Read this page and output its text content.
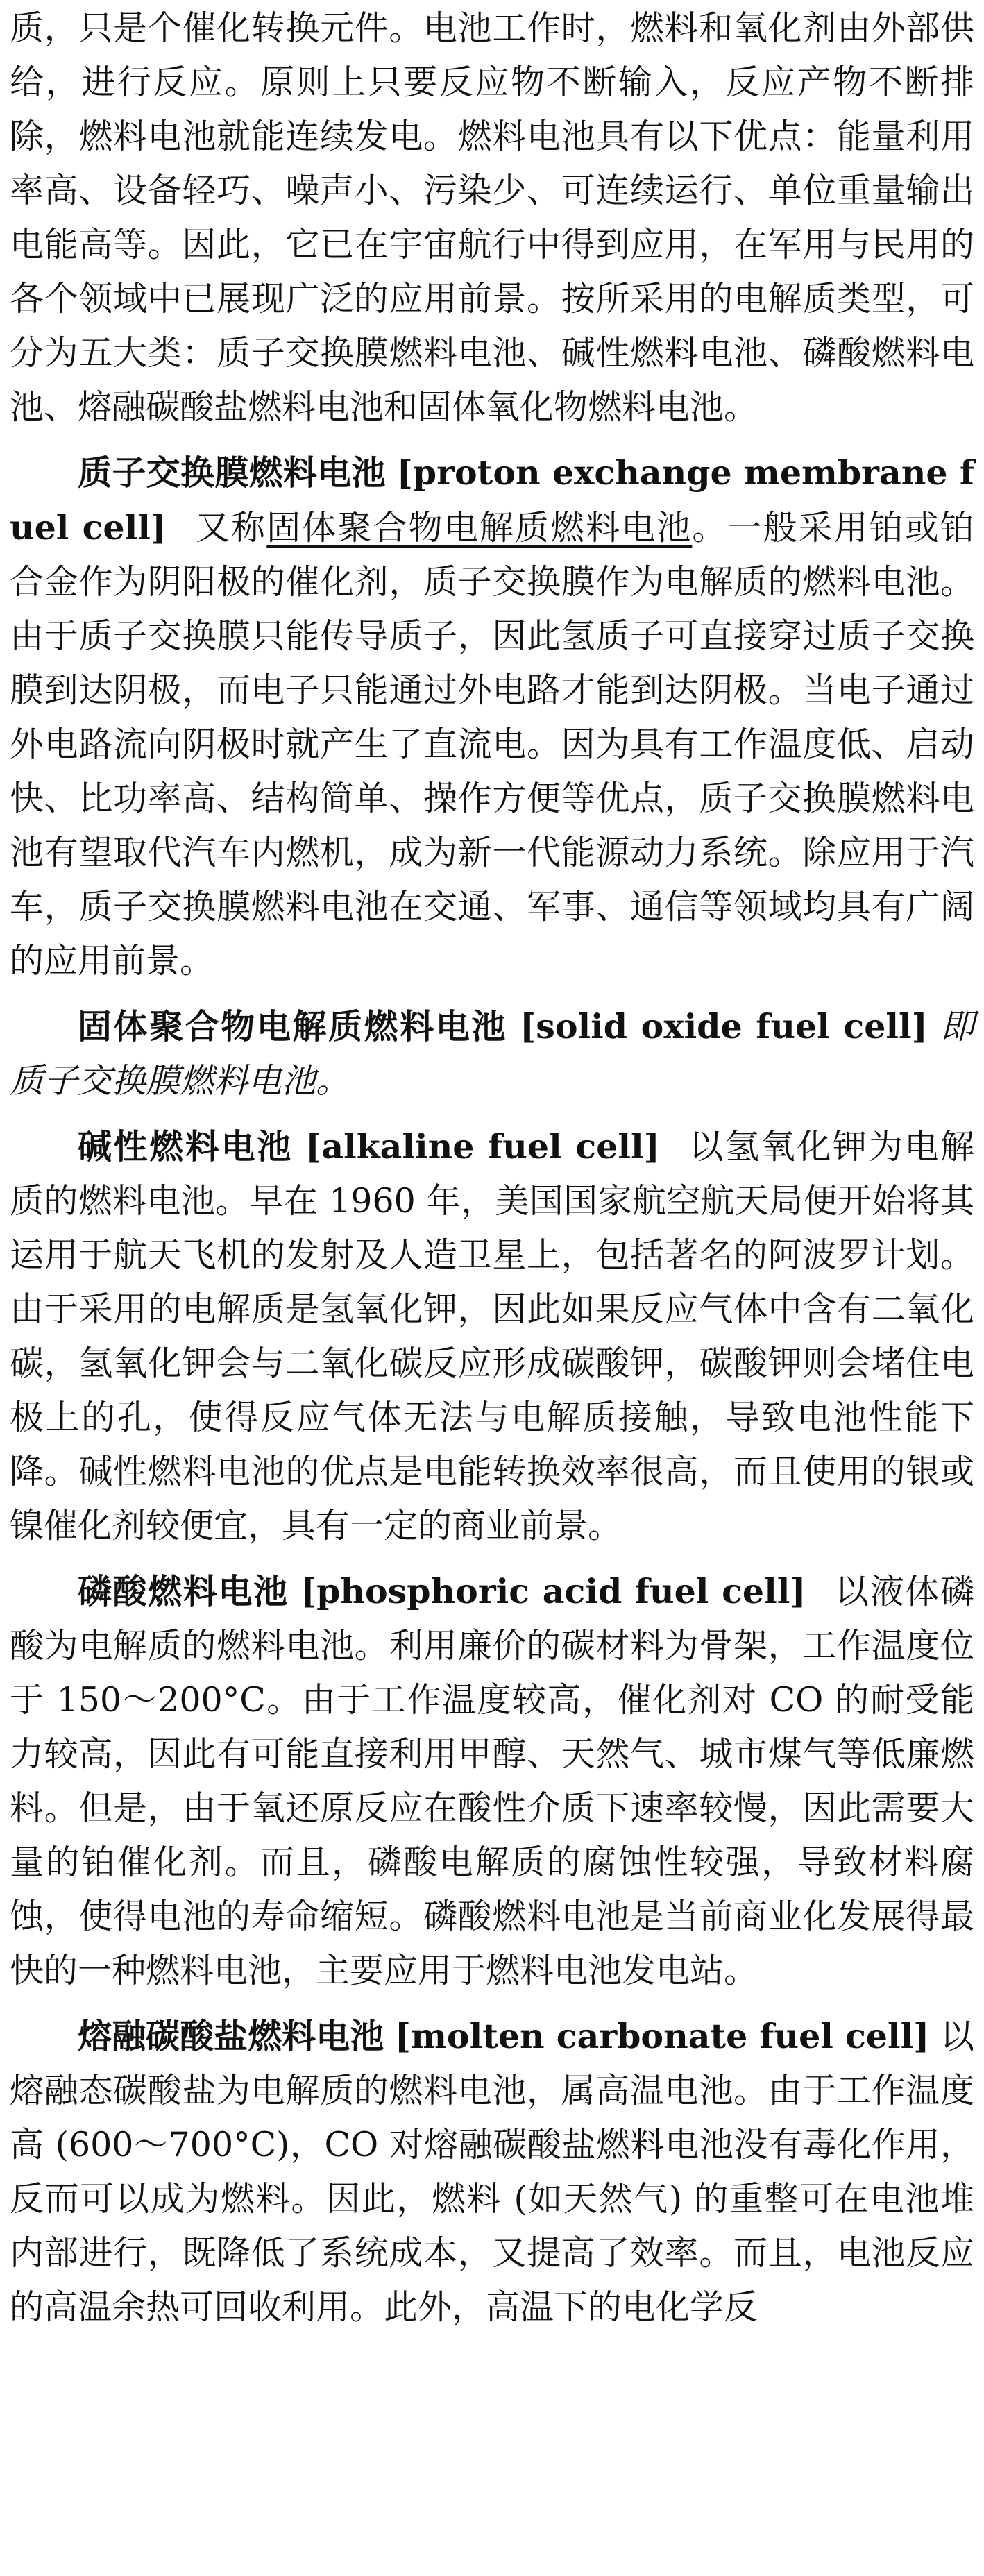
质，只是个催化转换元件。电池工作时，燃料和氧化剂由外部供给，进行反应。原则上只要反应物不断输入，反应产物不断排除，燃料电池就能连续发电。燃料电池具有以下优点：能量利用率高、设备轻巧、噪声小、污染少、可连续运行、单位重量输出电能高等。因此，它已在宇宙航行中得到应用，在军用与民用的各个领域中已展现广泛的应用前景。按所采用的电解质类型，可分为五大类：质子交换膜燃料电池、碱性燃料电池、磷酸燃料电池、熔融碳酸盐燃料电池和固体氧化物燃料电池。

质子交换膜燃料电池 [proton exchange membrane fuel cell] 又称固体聚合物电解质燃料电池。一般采用铂或铂合金作为阴阳极的催化剂，质子交换膜作为电解质的燃料电池。由于质子交换膜只能传导质子，因此氢质子可直接穿过质子交换膜到达阴极，而电子只能通过外电路才能到达阴极。当电子通过外电路流向阴极时就产生了直流电。因为具有工作温度低、启动快、比功率高、结构简单、操作方便等优点，质子交换膜燃料电池有望取代汽车内燃机，成为新一代能源动力系统。除应用于汽车，质子交换膜燃料电池在交通、军事、通信等领域均具有广阔的应用前景。

固体聚合物电解质燃料电池 [solid oxide fuel cell] 即质子交换膜燃料电池。

碱性燃料电池 [alkaline fuel cell] 以氢氧化钾为电解质的燃料电池。早在 1960 年，美国国家航空航天局便开始将其运用于航天飞机的发射及人造卫星上，包括著名的阿波罗计划。由于采用的电解质是氢氧化钾，因此如果反应气体中含有二氧化碳，氢氧化钾会与二氧化碳反应形成碳酸钾，碳酸钾则会堵住电极上的孔，使得反应气体无法与电解质接触，导致电池性能下降。碱性燃料电池的优点是电能转换效率很高，而且使用的银或镍催化剂较便宜，具有一定的商业前景。

磷酸燃料电池 [phosphoric acid fuel cell] 以液体磷酸为电解质的燃料电池。利用廉价的碳材料为骨架，工作温度位于 150～200°C。由于工作温度较高，催化剂对 CO 的耐受能力较高，因此有可能直接利用甲醇、天然气、城市煤气等低廉燃料。但是，由于氧还原反应在酸性介质下速率较慢，因此需要大量的铂催化剂。而且，磷酸电解质的腐蚀性较强，导致材料腐蚀，使得电池的寿命缩短。磷酸燃料电池是当前商业化发展得最快的一种燃料电池，主要应用于燃料电池发电站。

熔融碳酸盐燃料电池 [molten carbonate fuel cell] 以熔融态碳酸盐为电解质的燃料电池，属高温电池。由于工作温度高 (600～700°C)，CO 对熔融碳酸盐燃料电池没有毒化作用，反而可以成为燃料。因此，燃料 (如天然气) 的重整可在电池堆内部进行，既降低了系统成本，又提高了效率。而且，电池反应的高温余热可回收利用。此外，高温下的电化学反
